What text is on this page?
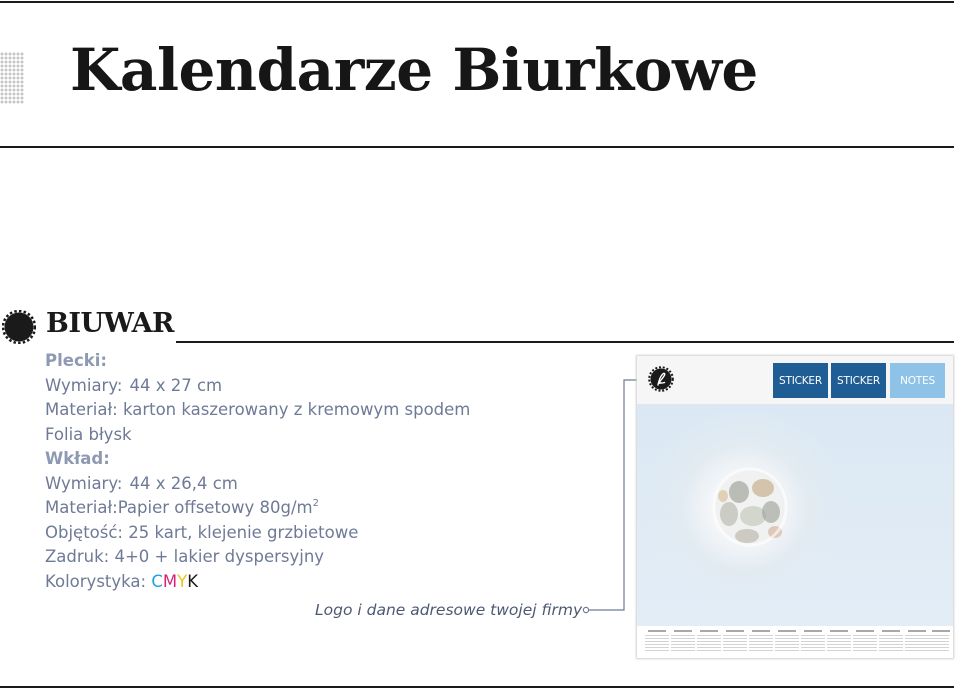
Kalendarze Biurkowe
BIUWAR
Plecki:
Wymiary: 44 x 27 cm
Materiał: karton kaszerowany z kremowym spodem
Folia błysk
Wkład:
Wymiary: 44 x 26,4 cm
Materiał:Papier offsetowy $80g/m^2$
Objętość: 25 kart, klejenie grzbietowe
Zadruk: 4+0 + lakier dyspersyjny
Kolorystyka: CMYK
Logo i dane adresowe twojej firmy
STICKER	STICKER	NOTES
